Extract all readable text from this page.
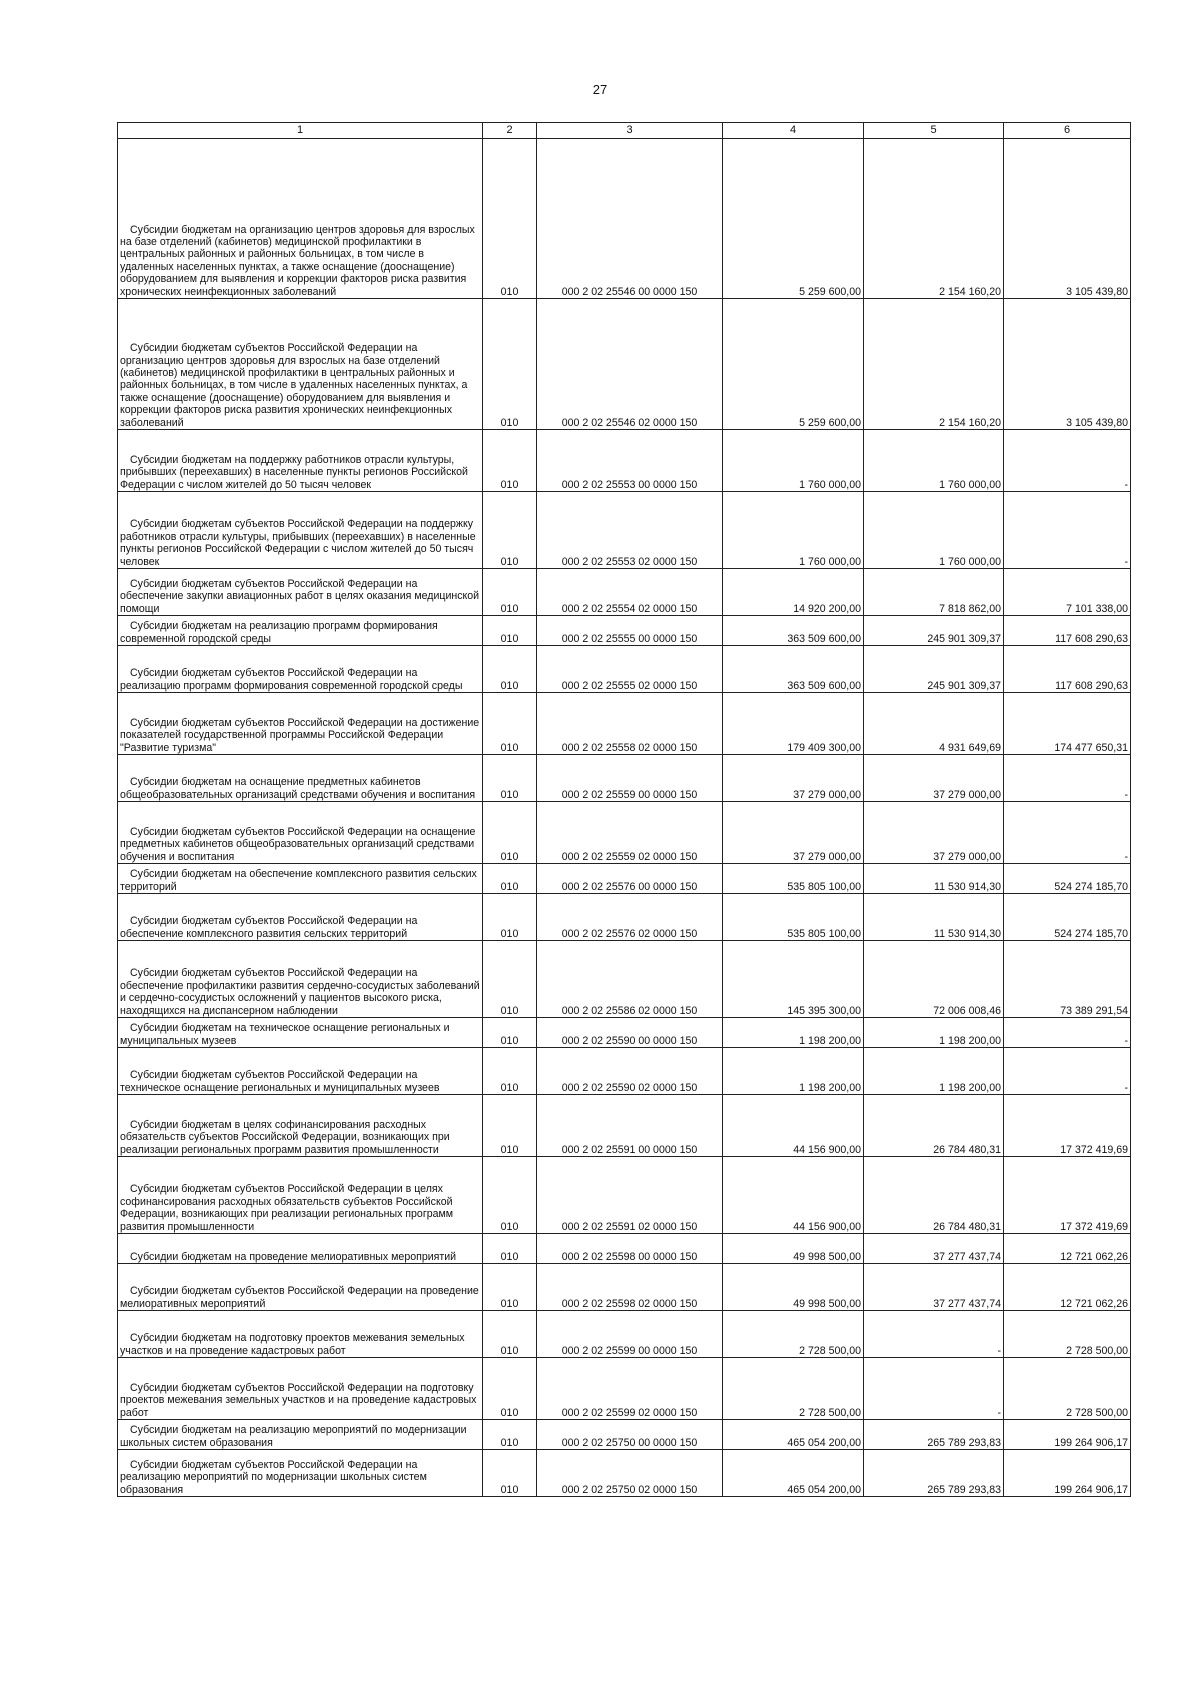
27
1	2	3	4	5	6
Субсидии бюджетам на организацию центров здоровья для взрослых на базе отделений (кабинетов) медицинской профилактики в центральных районных и районных больницах, в том числе в удаленных населенных пунктах, а также оснащение (дооснащение) оборудованием для выявления и коррекции факторов риска развития хронических неинфекционных заболеваний	010	000 2 02 25546 00 0000 150	5 259 600,00	2 154 160,20	3 105 439,80
Субсидии бюджетам субъектов Российской Федерации на организацию центров здоровья для взрослых на базе отделений (кабинетов) медицинской профилактики в центральных районных и районных больницах, в том числе в удаленных населенных пунктах, а также оснащение (дооснащение) оборудованием для выявления и коррекции факторов риска развития хронических неинфекционных заболеваний	010	000 2 02 25546 02 0000 150	5 259 600,00	2 154 160,20	3 105 439,80
Субсидии бюджетам на поддержку работников отрасли культуры, прибывших (переехавших) в населенные пункты регионов Российской Федерации с числом жителей до 50 тысяч человек	010	000 2 02 25553 00 0000 150	1 760 000,00	1 760 000,00	-
Субсидии бюджетам субъектов Российской Федерации на поддержку работников отрасли культуры, прибывших (переехавших) в населенные пункты регионов Российской Федерации с числом жителей до 50 тысяч человек	010	000 2 02 25553 02 0000 150	1 760 000,00	1 760 000,00	-
Субсидии бюджетам субъектов Российской Федерации на обеспечение закупки авиационных работ в целях оказания медицинской помощи	010	000 2 02 25554 02 0000 150	14 920 200,00	7 818 862,00	7 101 338,00
Субсидии бюджетам на реализацию программ формирования современной городской среды	010	000 2 02 25555 00 0000 150	363 509 600,00	245 901 309,37	117 608 290,63
Субсидии бюджетам субъектов Российской Федерации на реализацию программ формирования современной городской среды	010	000 2 02 25555 02 0000 150	363 509 600,00	245 901 309,37	117 608 290,63
Субсидии бюджетам субъектов Российской Федерации на достижение показателей государственной программы Российской Федерации "Развитие туризма"	010	000 2 02 25558 02 0000 150	179 409 300,00	4 931 649,69	174 477 650,31
Субсидии бюджетам на оснащение предметных кабинетов общеобразовательных организаций средствами обучения и воспитания	010	000 2 02 25559 00 0000 150	37 279 000,00	37 279 000,00	-
Субсидии бюджетам субъектов Российской Федерации на оснащение предметных кабинетов общеобразовательных организаций средствами обучения и воспитания	010	000 2 02 25559 02 0000 150	37 279 000,00	37 279 000,00	-
Субсидии бюджетам на обеспечение комплексного развития сельских территорий	010	000 2 02 25576 00 0000 150	535 805 100,00	11 530 914,30	524 274 185,70
Субсидии бюджетам субъектов Российской Федерации на обеспечение комплексного развития сельских территорий	010	000 2 02 25576 02 0000 150	535 805 100,00	11 530 914,30	524 274 185,70
Субсидии бюджетам субъектов Российской Федерации на обеспечение профилактики развития сердечно-сосудистых заболеваний и сердечно-сосудистых осложнений у пациентов высокого риска, находящихся на диспансерном наблюдении	010	000 2 02 25586 02 0000 150	145 395 300,00	72 006 008,46	73 389 291,54
Субсидии бюджетам на техническое оснащение региональных и муниципальных музеев	010	000 2 02 25590 00 0000 150	1 198 200,00	1 198 200,00	-
Субсидии бюджетам субъектов Российской Федерации на техническое оснащение региональных и муниципальных музеев	010	000 2 02 25590 02 0000 150	1 198 200,00	1 198 200,00	-
Субсидии бюджетам в целях софинансирования расходных обязательств субъектов Российской Федерации, возникающих при реализации региональных программ развития промышленности	010	000 2 02 25591 00 0000 150	44 156 900,00	26 784 480,31	17 372 419,69
Субсидии бюджетам субъектов Российской Федерации в целях софинансирования расходных обязательств субъектов Российской Федерации, возникающих при реализации региональных программ развития промышленности	010	000 2 02 25591 02 0000 150	44 156 900,00	26 784 480,31	17 372 419,69
Субсидии бюджетам на проведение мелиоративных мероприятий	010	000 2 02 25598 00 0000 150	49 998 500,00	37 277 437,74	12 721 062,26
Субсидии бюджетам субъектов Российской Федерации на проведение мелиоративных мероприятий	010	000 2 02 25598 02 0000 150	49 998 500,00	37 277 437,74	12 721 062,26
Субсидии бюджетам на подготовку проектов межевания земельных участков и на проведение кадастровых работ	010	000 2 02 25599 00 0000 150	2 728 500,00	-	2 728 500,00
Субсидии бюджетам субъектов Российской Федерации на подготовку проектов межевания земельных участков и на проведение кадастровых работ	010	000 2 02 25599 02 0000 150	2 728 500,00	-	2 728 500,00
Субсидии бюджетам на реализацию мероприятий по модернизации школьных систем образования	010	000 2 02 25750 00 0000 150	465 054 200,00	265 789 293,83	199 264 906,17
Субсидии бюджетам субъектов Российской Федерации на реализацию мероприятий по модернизации школьных систем образования	010	000 2 02 25750 02 0000 150	465 054 200,00	265 789 293,83	199 264 906,17
